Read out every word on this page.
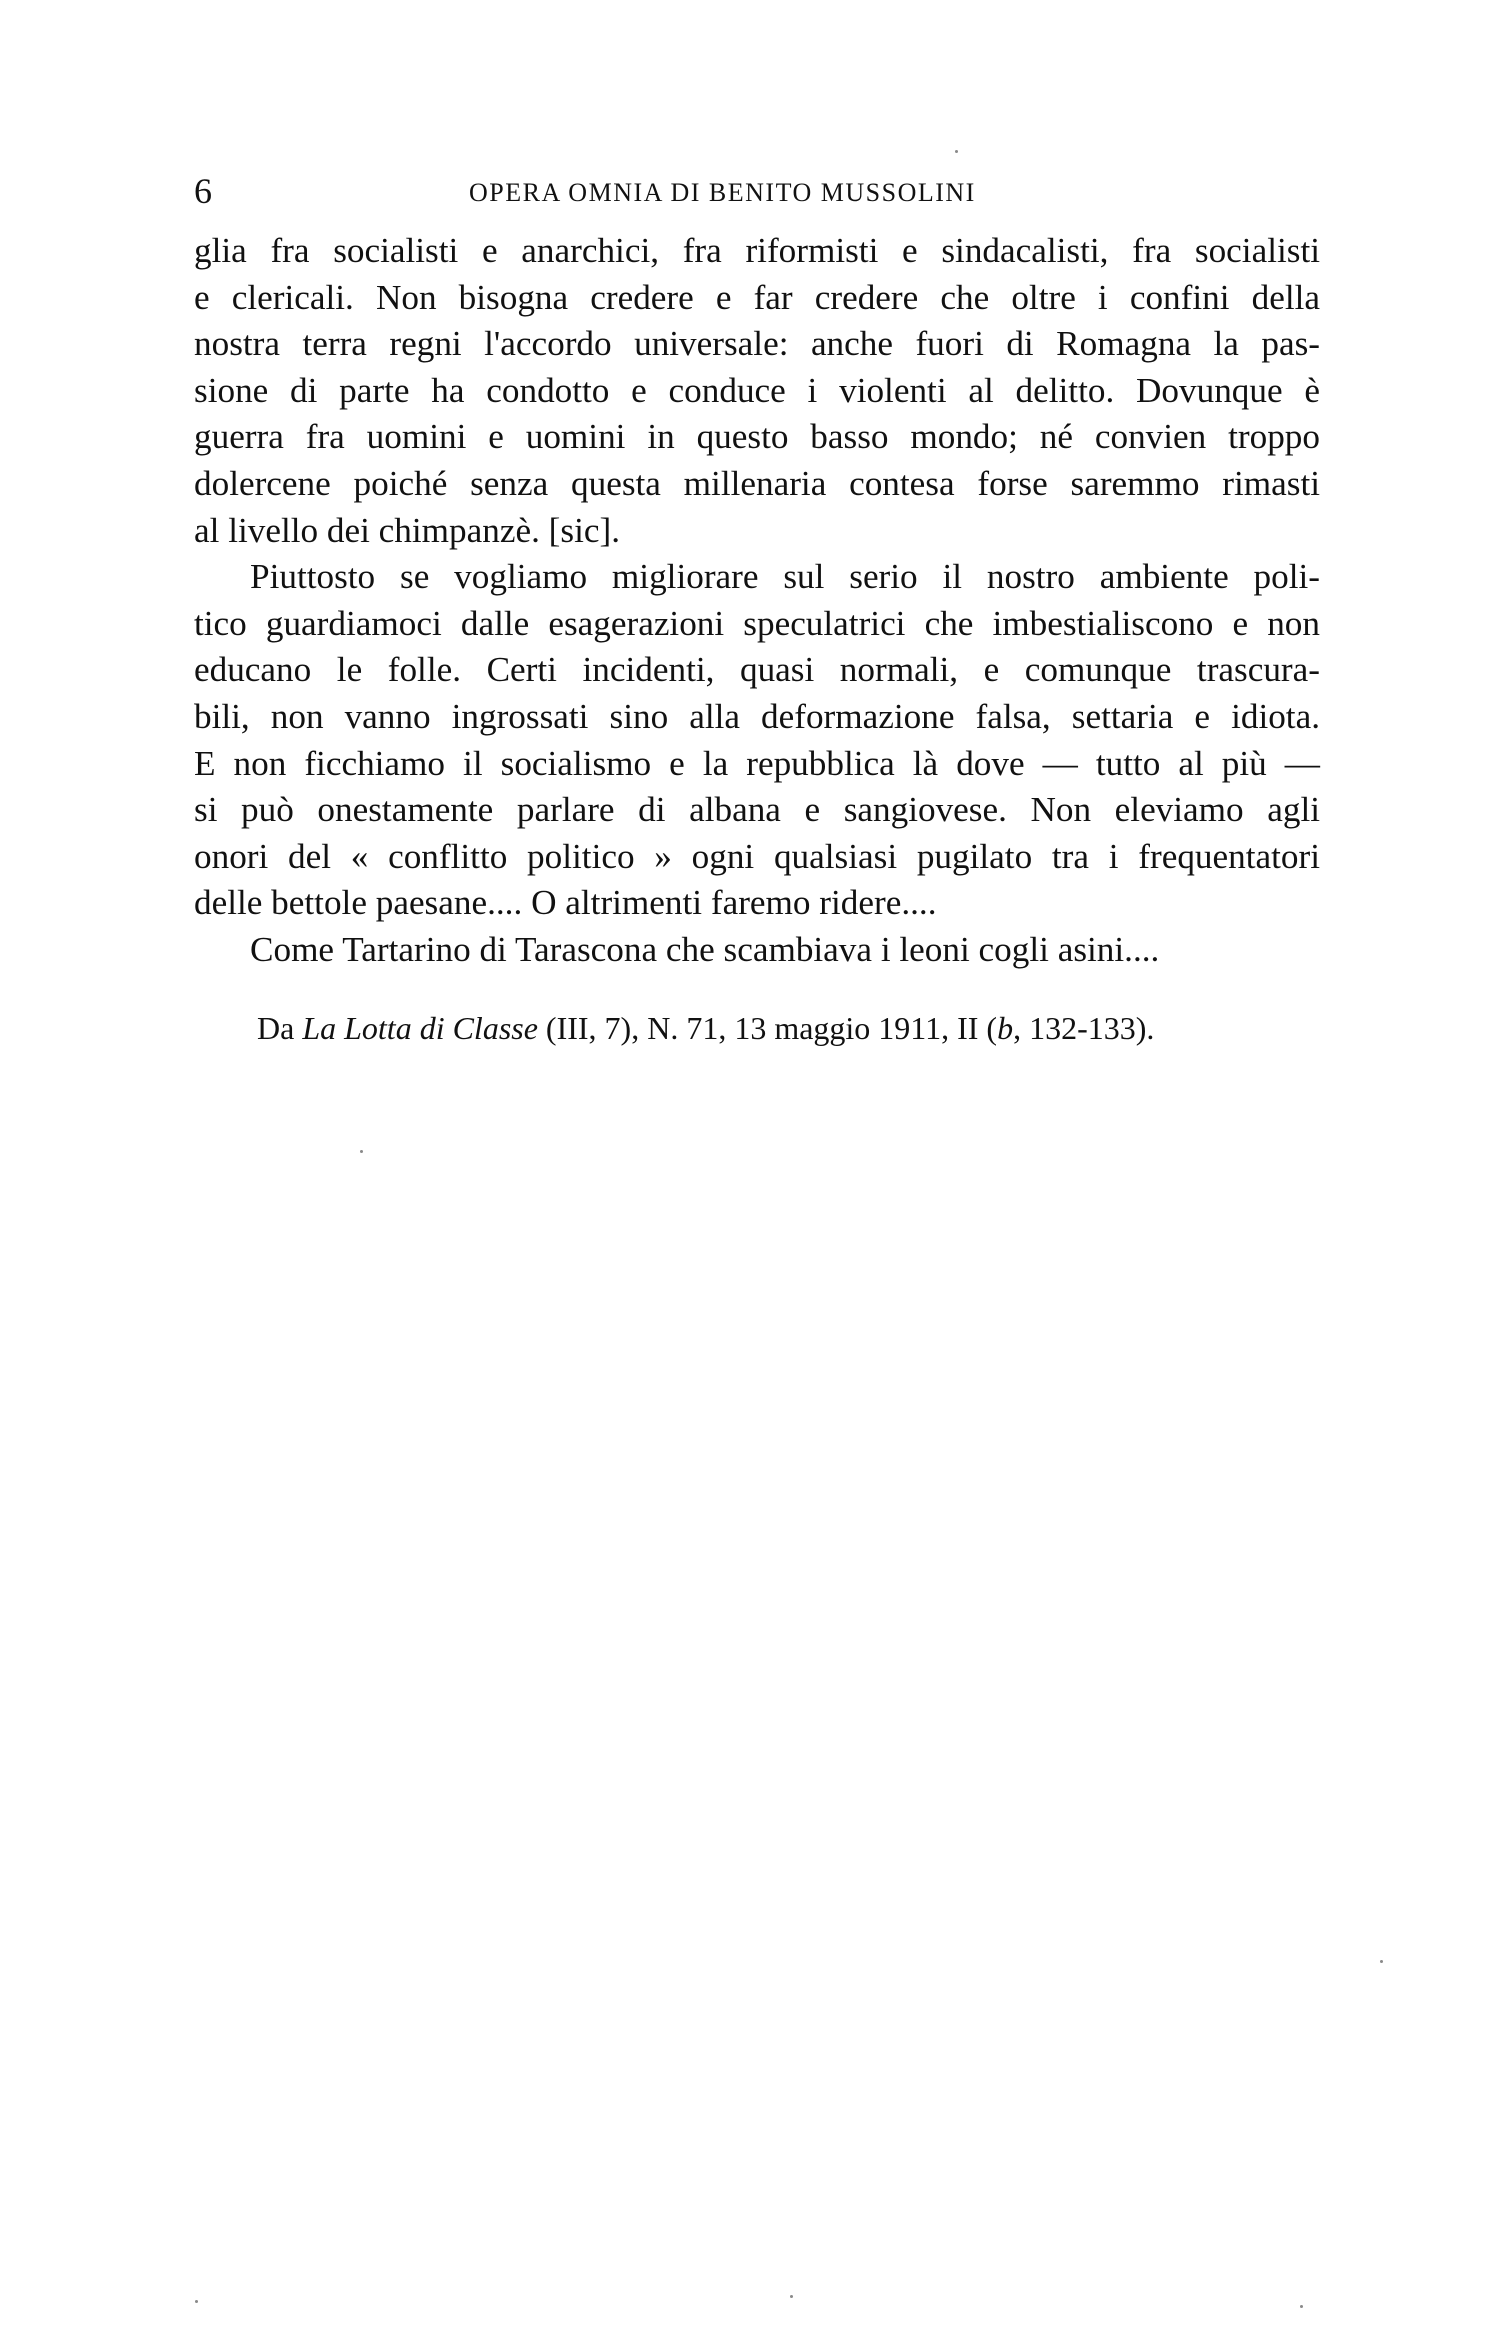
6	OPERA OMNIA DI BENITO MUSSOLINI
glia fra socialisti e anarchici, fra riformisti e sindacalisti, fra socialisti
e clericali. Non bisogna credere e far credere che oltre i confini della
nostra terra regni l'accordo universale: anche fuori di Romagna la pas-
sione di parte ha condotto e conduce i violenti al delitto. Dovunque è
guerra fra uomini e uomini in questo basso mondo; né convien troppo
dolercene poiché senza questa millenaria contesa forse saremmo rimasti
al livello dei chimpanzè. [sic].
Piuttosto se vogliamo migliorare sul serio il nostro ambiente poli-
tico guardiamoci dalle esagerazioni speculatrici che imbestialiscono e non
educano le folle. Certi incidenti, quasi normali, e comunque trascura-
bili, non vanno ingrossati sino alla deformazione falsa, settaria e idiota.
E non ficchiamo il socialismo e la repubblica là dove — tutto al più —
si può onestamente parlare di albana e sangiovese. Non eleviamo agli
onori del « conflitto politico » ogni qualsiasi pugilato tra i frequentatori
delle bettole paesane.... O altrimenti faremo ridere....
Come Tartarino di Tarascona che scambiava i leoni cogli asini....
Da La Lotta di Classe (III, 7), N. 71, 13 maggio 1911, II (b, 132-133).
